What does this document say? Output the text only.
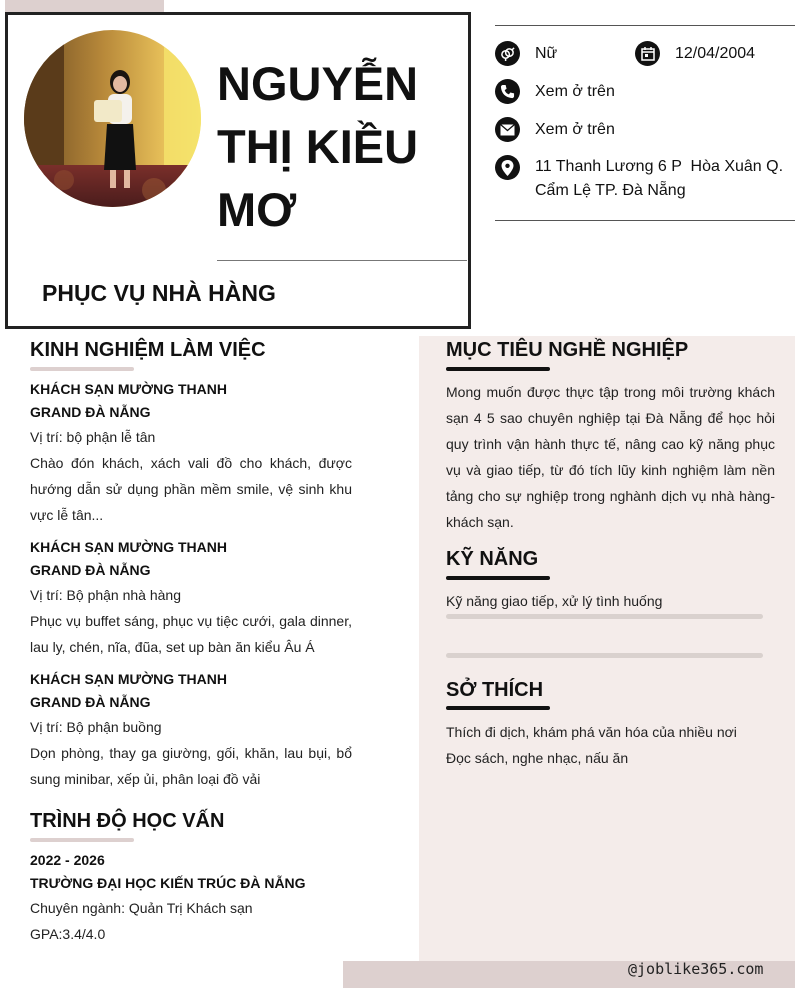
NGUYỄN
THỊ KIỀU
MƠ
PHỤC VỤ NHÀ HÀNG
Nữ	12/04/2004
Xem ở trên
Xem ở trên
11 Thanh Lương 6 P  Hòa Xuân Q.
Cẩm Lệ TP. Đà Nẵng
KINH NGHIỆM LÀM VIỆC
KHÁCH SẠN MƯỜNG THANH
GRAND ĐÀ NẴNG
Vị trí: bộ phận lễ tân
Chào đón khách, xách vali đồ cho khách, được hướng dẫn sử dụng phần mềm smile, vệ sinh khu vực lễ tân...
KHÁCH SẠN MƯỜNG THANH
GRAND ĐÀ NẴNG
Vị trí: Bộ phận nhà hàng
Phục vụ buffet sáng, phục vụ tiệc cưới, gala dinner, lau ly, chén, nĩa, đũa, set up bàn ăn kiểu Âu Á
KHÁCH SẠN MƯỜNG THANH
GRAND ĐÀ NẴNG
Vị trí: Bộ phận buồng
Dọn phòng, thay ga giường, gối, khăn, lau bụi, bổ sung minibar, xếp ủi, phân loại đồ vải
TRÌNH ĐỘ HỌC VẤN
2022 - 2026
TRƯỜNG ĐẠI HỌC KIẾN TRÚC ĐÀ NẴNG
Chuyên ngành: Quản Trị Khách sạn
GPA:3.4/4.0
MỤC TIÊU NGHỀ NGHIỆP
Mong muốn được thực tập trong môi trường khách sạn 4 5 sao chuyên nghiệp tại Đà Nẵng để học hỏi quy trình vận hành thực tế, nâng cao kỹ năng phục vụ và giao tiếp, từ đó tích lũy kinh nghiệm làm nền tảng cho sự nghiệp trong nghành dịch vụ nhà hàng-khách sạn.
KỸ NĂNG
Kỹ năng giao tiếp, xử lý tình huống
SỞ THÍCH
Thích đi dịch, khám phá văn hóa của nhiều nơi
Đọc sách, nghe nhạc, nấu ăn
@joblike365.com
